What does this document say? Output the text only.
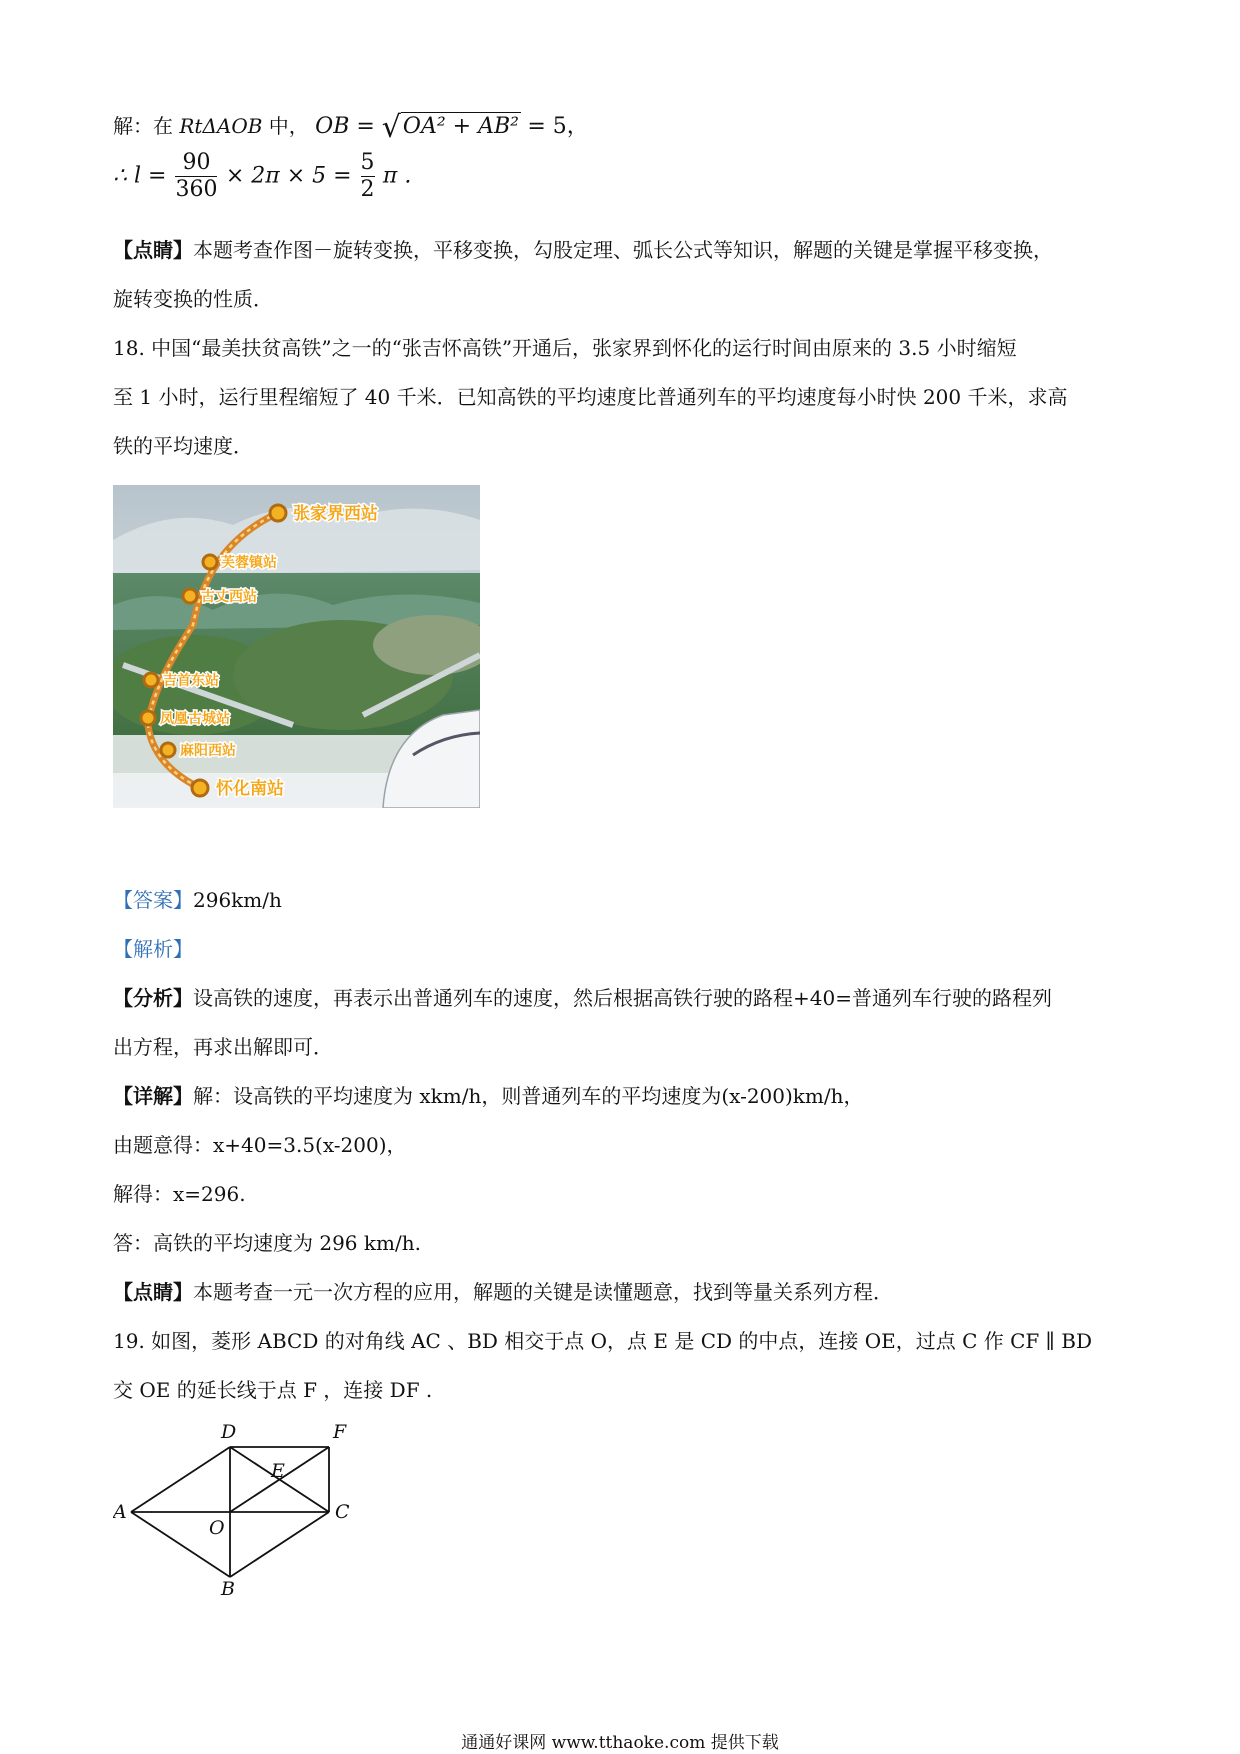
解：在 RtΔAOB 中， OB = √OA² + AB² = 5，
∴ $l = \frac{90}{360} \times 2\pi \times 5 = \frac{5}{2}$ π .
【点睛】本题考查作图－旋转变换，平移变换，勾股定理、弧长公式等知识，解题的关键是掌握平移变换，
旋转变换的性质．
18. 中国“最美扶贫高铁”之一的“张吉怀高铁”开通后，张家界到怀化的运行时间由原来的 3.5 小时缩短
至 1 小时，运行里程缩短了 40 千米．已知高铁的平均速度比普通列车的平均速度每小时快 200 千米，求高
铁的平均速度．
张家界西站
芙蓉镇站
古丈西站
吉首东站
凤凰古城站
麻阳西站
怀化南站
【答案】296km/h
【解析】
【分析】设高铁的速度，再表示出普通列车的速度，然后根据高铁行驶的路程+40=普通列车行驶的路程列
出方程，再求出解即可．
【详解】解：设高铁的平均速度为 xkm/h，则普通列车的平均速度为(x-200)km/h，
由题意得：x+40=3.5(x-200)，
解得：x=296.
答：高铁的平均速度为 296 km/h.
【点睛】本题考查一元一次方程的应用，解题的关键是读懂题意，找到等量关系列方程．
19. 如图，菱形 ABCD 的对角线 AC 、BD 相交于点 O，点 E 是 CD 的中点，连接 OE，过点 C 作 CF ∥ BD
交 OE 的延长线于点 F ，连接 DF .
A
B
C
D
E
F
O
通通好课网 www.tthaoke.com 提供下载
